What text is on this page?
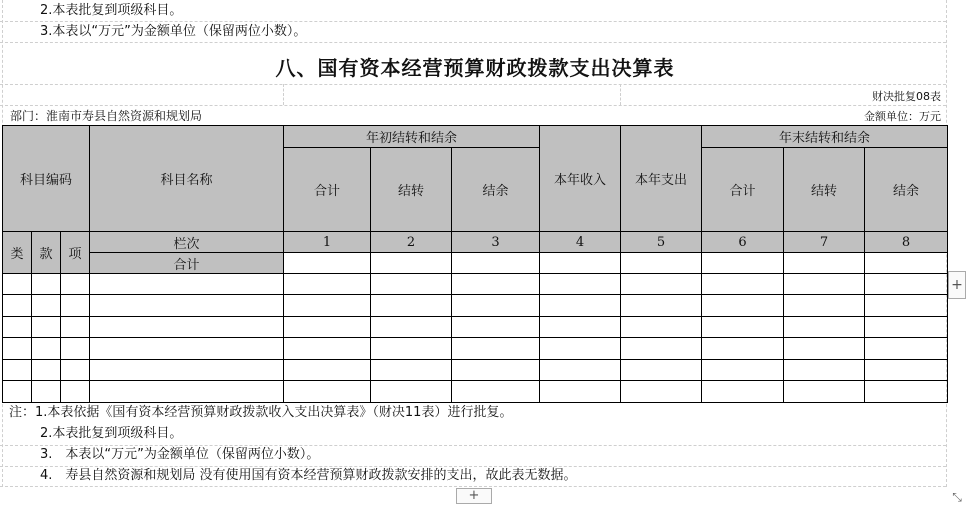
2.本表批复到项级科目。
3.本表以“万元”为金额单位（保留两位小数）。
八、国有资本经营预算财政拨款支出决算表
财决批复08表
部门：淮南市寿县自然资源和规划局	金额单位：万元
科目编码			科目名称	年初结转和结余			本年收入	本年支出	年末结转和结余		
				合计	结转	结余			合计	结转	结余
类	款	项	栏次	1	2	3	4	5	6	7	8
			合计								

注：1.本表依据《国有资本经营预算财政拨款收入支出决算表》（财决11表）进行批复。
2.本表批复到项级科目。
3.　本表以“万元”为金额单位（保留两位小数）。
4.　寿县自然资源和规划局 没有使用国有资本经营预算财政拨款安排的支出，故此表无数据。
+
+	⤡
